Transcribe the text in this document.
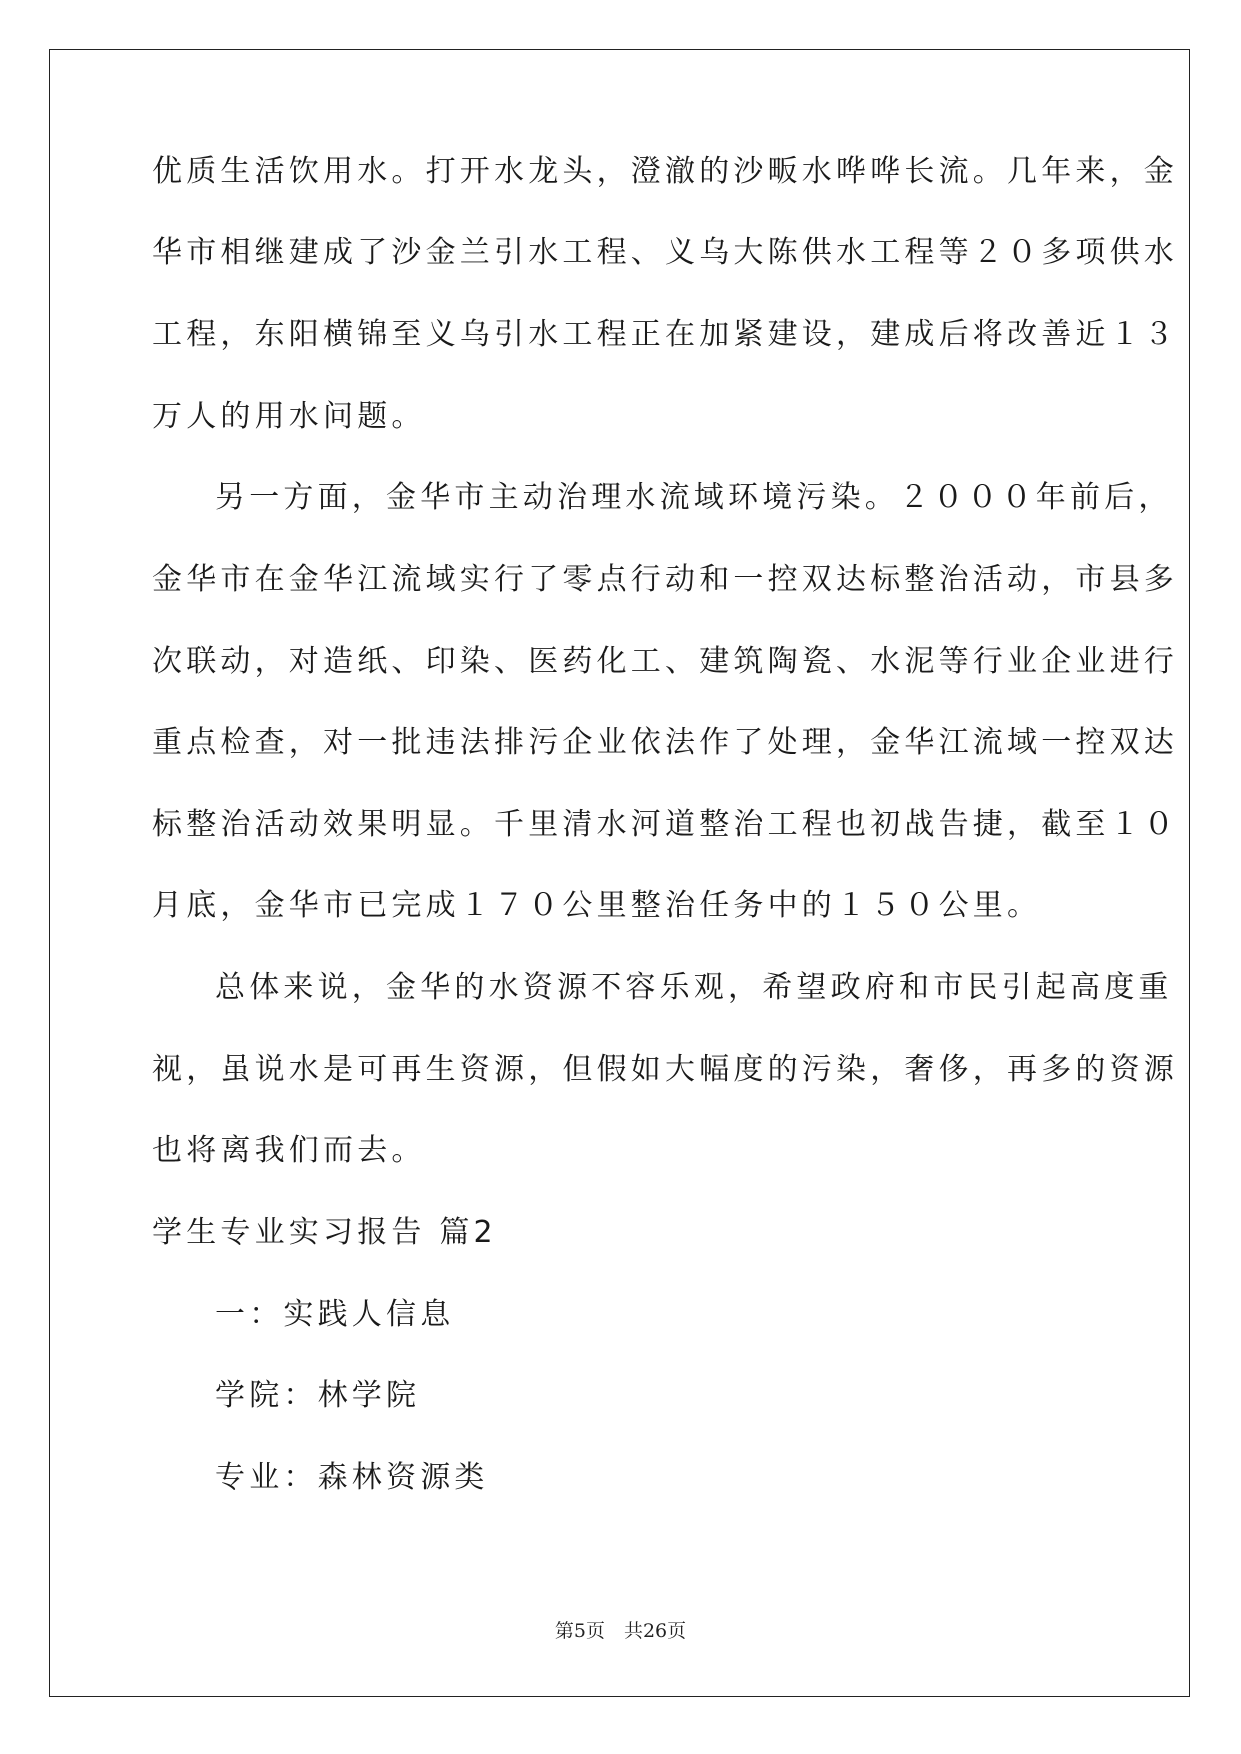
优质生活饮用水。打开水龙头，澄澈的沙畈水哗哗长流。几年来，金
华市相继建成了沙金兰引水工程、义乌大陈供水工程等２０多项供水
工程，东阳横锦至义乌引水工程正在加紧建设，建成后将改善近１３
万人的用水问题。
另一方面，金华市主动治理水流域环境污染。２０００年前后，
金华市在金华江流域实行了零点行动和一控双达标整治活动，市县多
次联动，对造纸、印染、医药化工、建筑陶瓷、水泥等行业企业进行
重点检查，对一批违法排污企业依法作了处理，金华江流域一控双达
标整治活动效果明显。千里清水河道整治工程也初战告捷，截至１０
月底，金华市已完成１７０公里整治任务中的１５０公里。
总体来说，金华的水资源不容乐观，希望政府和市民引起高度重
视，虽说水是可再生资源，但假如大幅度的污染，奢侈，再多的资源
也将离我们而去。
学生专业实习报告 篇2
一：实践人信息
学院：林学院
专业：森林资源类
第5页　共26页
